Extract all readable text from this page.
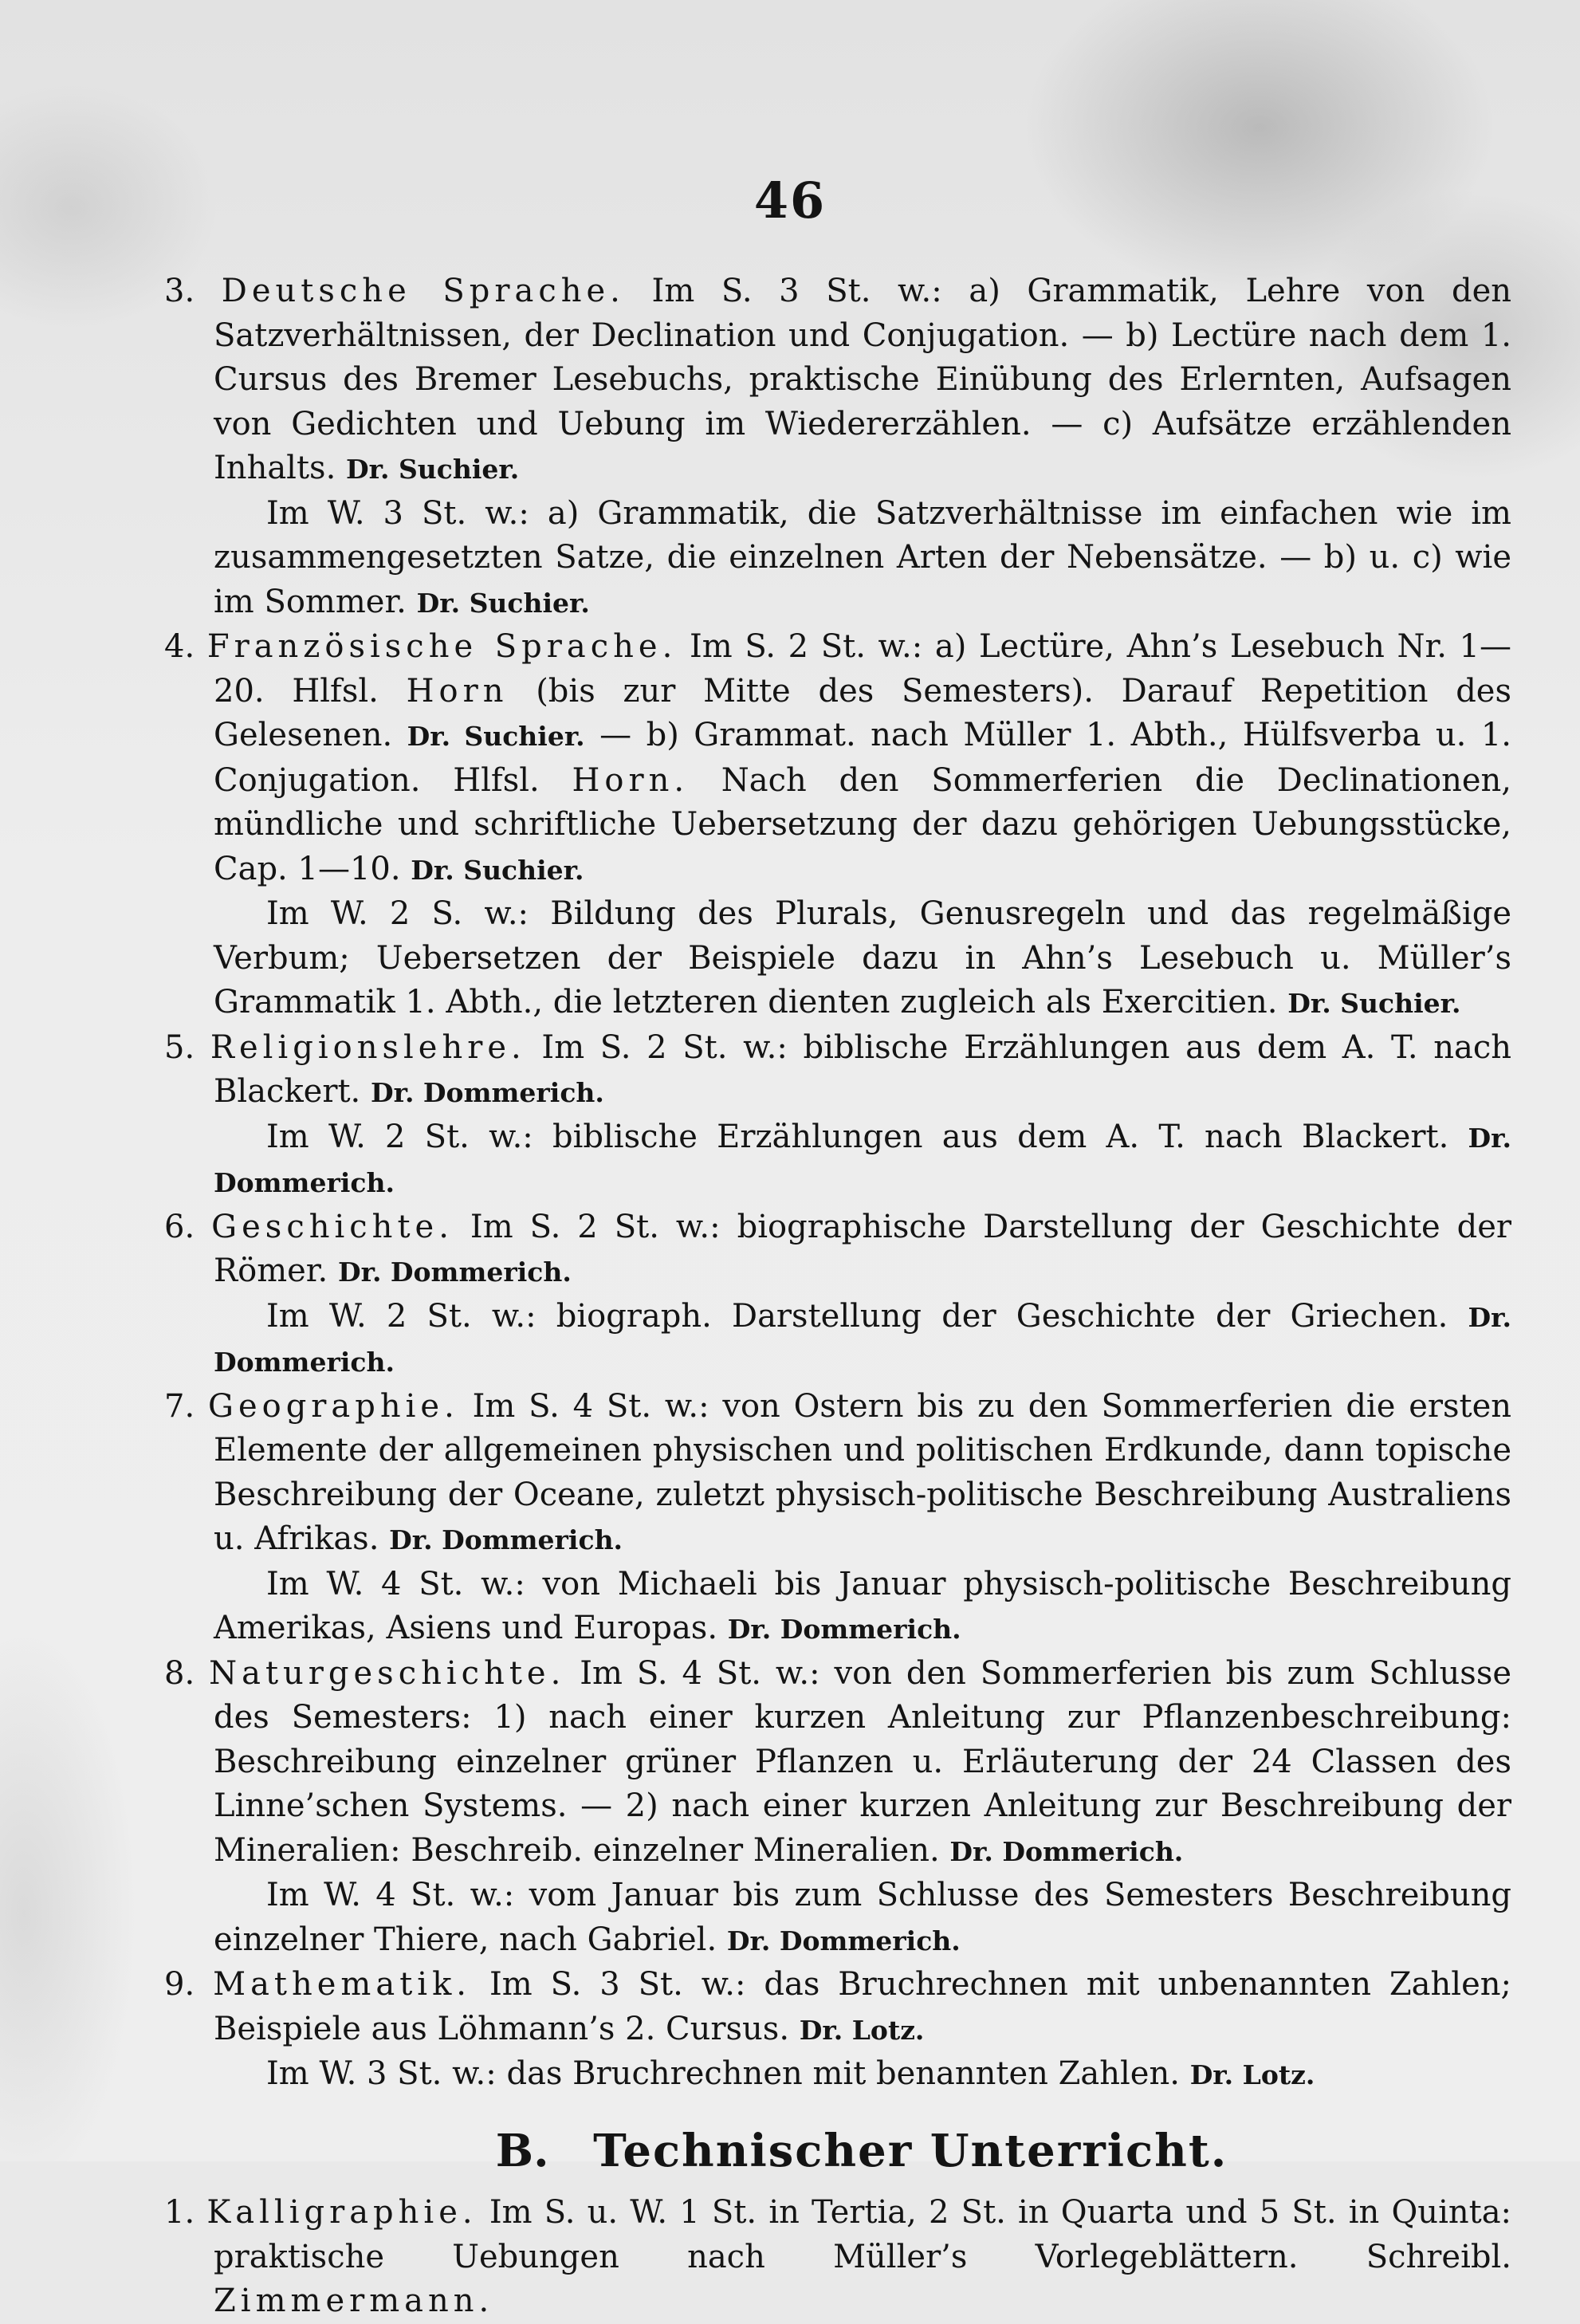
46

3. Deutsche Sprache. Im S. 3 St. w.: a) Grammatik, Lehre von den Satzverhältnissen, der Declination und Conjugation. — b) Lectüre nach dem 1. Cursus des Bremer Lesebuchs, praktische Einübung des Erlernten, Aufsagen von Gedichten und Uebung im Wiedererzählen. — c) Aufsätze erzählenden Inhalts. Dr. Suchier.

Im W. 3 St. w.: a) Grammatik, die Satzverhältnisse im einfachen wie im zusammengesetzten Satze, die einzelnen Arten der Nebensätze. — b) u. c) wie im Sommer. Dr. Suchier.

4. Französische Sprache. Im S. 2 St. w.: a) Lectüre, Ahn’s Lesebuch Nr. 1—20. Hlfsl. Horn (bis zur Mitte des Semesters). Darauf Repetition des Gelesenen. Dr. Suchier. — b) Grammat. nach Müller 1. Abth., Hülfsverba u. 1. Conjugation. Hlfsl. Horn. Nach den Sommerferien die Declinationen, mündliche und schriftliche Uebersetzung der dazu gehörigen Uebungsstücke, Cap. 1—10. Dr. Suchier.

Im W. 2 S. w.: Bildung des Plurals, Genusregeln und das regelmäßige Verbum; Uebersetzen der Beispiele dazu in Ahn’s Lesebuch u. Müller’s Grammatik 1. Abth., die letzteren dienten zugleich als Exercitien. Dr. Suchier.

5. Religionslehre. Im S. 2 St. w.: biblische Erzählungen aus dem A. T. nach Blackert. Dr. Dommerich.

Im W. 2 St. w.: biblische Erzählungen aus dem A. T. nach Blackert. Dr. Dommerich.

6. Geschichte. Im S. 2 St. w.: biographische Darstellung der Geschichte der Römer. Dr. Dommerich.

Im W. 2 St. w.: biograph. Darstellung der Geschichte der Griechen. Dr. Dommerich.

7. Geographie. Im S. 4 St. w.: von Ostern bis zu den Sommerferien die ersten Elemente der allgemeinen physischen und politischen Erdkunde, dann topische Beschreibung der Oceane, zuletzt physisch-politische Beschreibung Australiens u. Afrikas. Dr. Dommerich.

Im W. 4 St. w.: von Michaeli bis Januar physisch-politische Beschreibung Amerikas, Asiens und Europas. Dr. Dommerich.

8. Naturgeschichte. Im S. 4 St. w.: von den Sommerferien bis zum Schlusse des Semesters: 1) nach einer kurzen Anleitung zur Pflanzenbeschreibung: Beschreibung einzelner grüner Pflanzen u. Erläuterung der 24 Classen des Linne’schen Systems. — 2) nach einer kurzen Anleitung zur Beschreibung der Mineralien: Beschreib. einzelner Mineralien. Dr. Dommerich.

Im W. 4 St. w.: vom Januar bis zum Schlusse des Semesters Beschreibung einzelner Thiere, nach Gabriel. Dr. Dommerich.

9. Mathematik. Im S. 3 St. w.: das Bruchrechnen mit unbenannten Zahlen; Beispiele aus Löhmann’s 2. Cursus. Dr. Lotz.

Im W. 3 St. w.: das Bruchrechnen mit benannten Zahlen. Dr. Lotz.

B. Technischer Unterricht.

1. Kalligraphie. Im S. u. W. 1 St. in Tertia, 2 St. in Quarta und 5 St. in Quinta: praktische Uebungen nach Müller’s Vorlegeblättern. Schreibl. Zimmermann.
